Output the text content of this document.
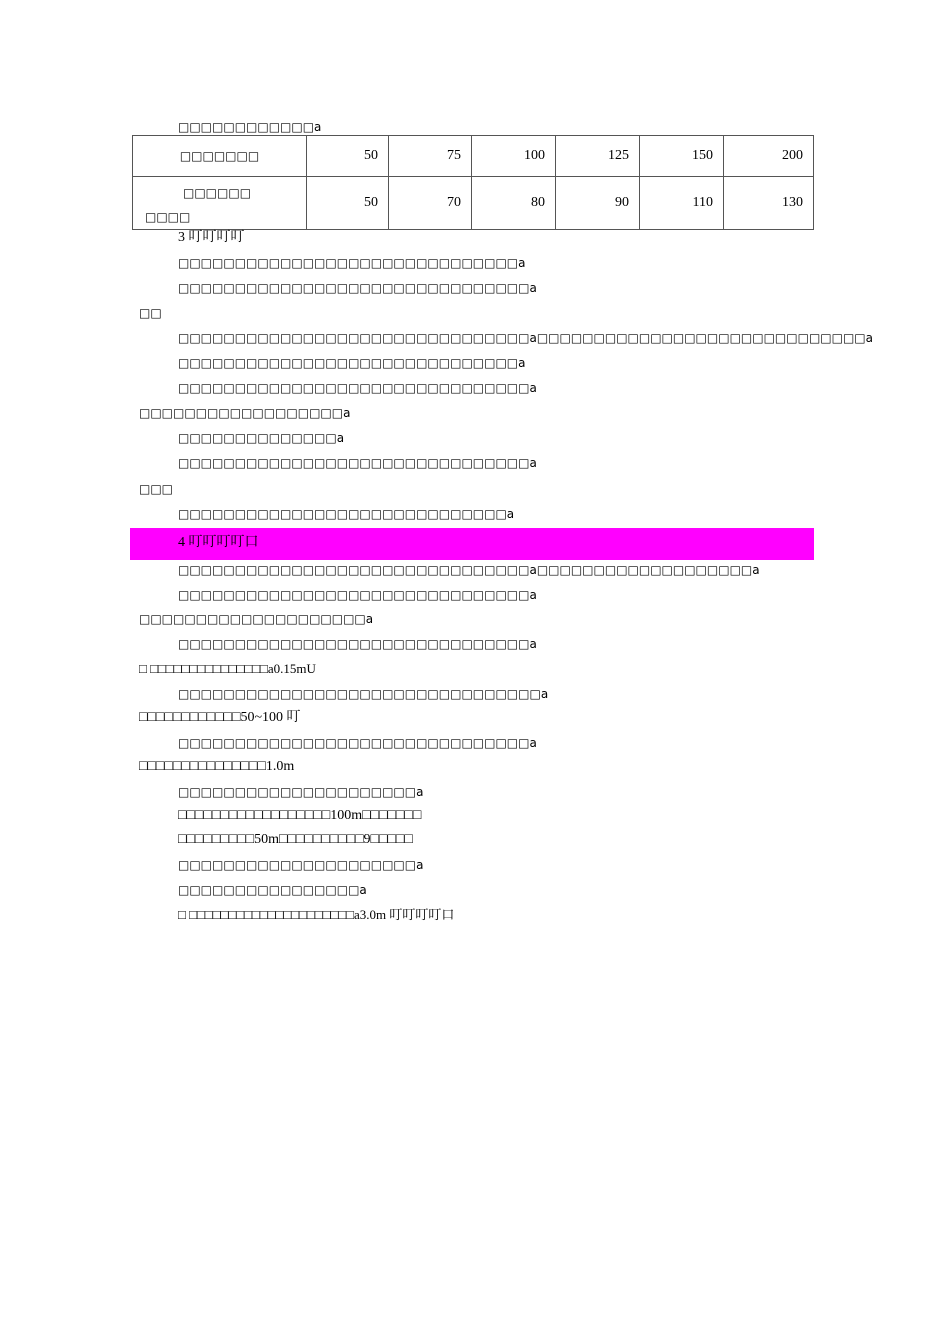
□□□□□□□□□□□□a
□□□□□□□	50	75	100	125	150	200

□□□□□□
□□□□	50	70	80	90	110	130
3 叮叮叮叮
□□□□□□□□□□□□□□□□□□□□□□□□□□□□□□a
□□□□□□□□□□□□□□□□□□□□□□□□□□□□□□□a
□□
□□□□□□□□□□□□□□□□□□□□□□□□□□□□□□□a□□□□□□□□□□□□□□□□□□□□□□□□□□□□□a
□□□□□□□□□□□□□□□□□□□□□□□□□□□□□□a
□□□□□□□□□□□□□□□□□□□□□□□□□□□□□□□a
□□□□□□□□□□□□□□□□□□a
□□□□□□□□□□□□□□a
□□□□□□□□□□□□□□□□□□□□□□□□□□□□□□□a
□□□
□□□□□□□□□□□□□□□□□□□□□□□□□□□□□a
4 叮叮叮叮口
□□□□□□□□□□□□□□□□□□□□□□□□□□□□□□□a□□□□□□□□□□□□□□□□□□□a
□□□□□□□□□□□□□□□□□□□□□□□□□□□□□□□a
□□□□□□□□□□□□□□□□□□□□a
□□□□□□□□□□□□□□□□□□□□□□□□□□□□□□□a
□ □□□□□□□□□□□□□□□a0.15mU
□□□□□□□□□□□□□□□□□□□□□□□□□□□□□□□□a
□□□□□□□□□□□□50~100 叮
□□□□□□□□□□□□□□□□□□□□□□□□□□□□□□□a
□□□□□□□□□□□□□□□1.0m
□□□□□□□□□□□□□□□□□□□□□a
□□□□□□□□□□□□□□□□□□100m□□□□□□□
□□□□□□□□□50m□□□□□□□□□□9□□□□□
□□□□□□□□□□□□□□□□□□□□□a
□□□□□□□□□□□□□□□□a
□ □□□□□□□□□□□□□□□□□□□□□a3.0m 叮叮叮叮口
